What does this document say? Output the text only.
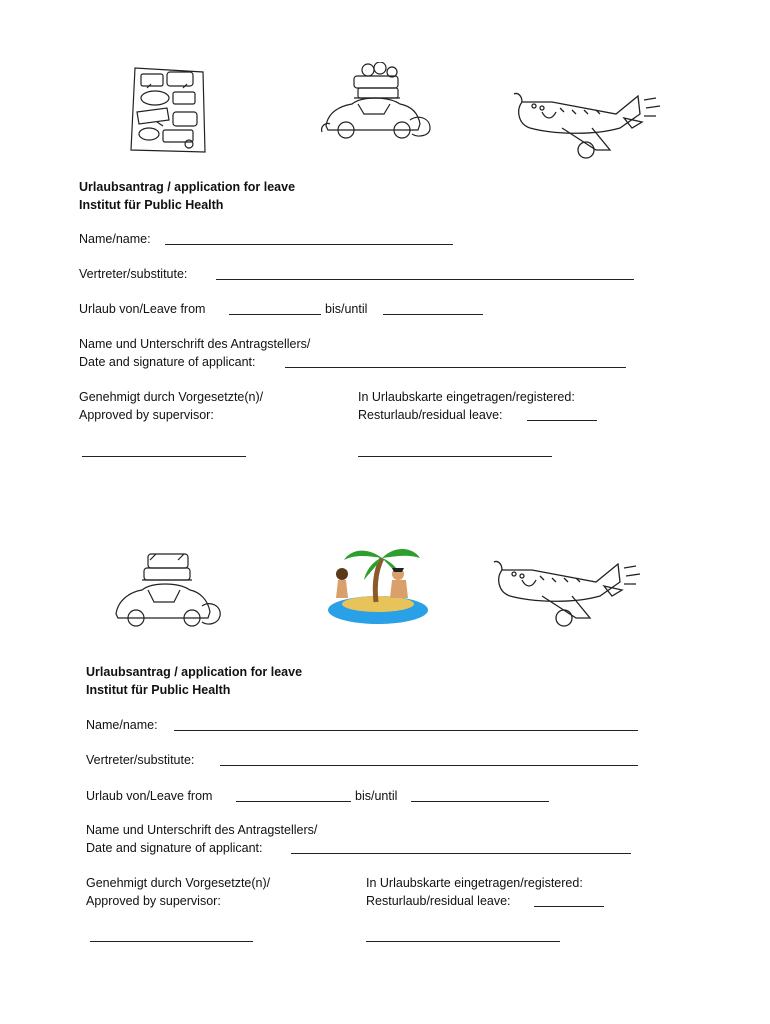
Urlaubsantrag / application for leave
Institut für Public Health
Name/name:
Vertreter/substitute:
Urlaub von/Leave from	bis/until
Name und Unterschrift des Antragstellers/
Date and signature of applicant:
Genehmigt durch Vorgesetzte(n)/
Approved by supervisor:
In Urlaubskarte eingetragen/registered:
Resturlaub/residual leave:
Urlaubsantrag / application for leave
Institut für Public Health
Name/name:
Vertreter/substitute:
Urlaub von/Leave from	bis/until
Name und Unterschrift des Antragstellers/
Date and signature of applicant:
Genehmigt durch Vorgesetzte(n)/
Approved by supervisor:
In Urlaubskarte eingetragen/registered:
Resturlaub/residual leave:
